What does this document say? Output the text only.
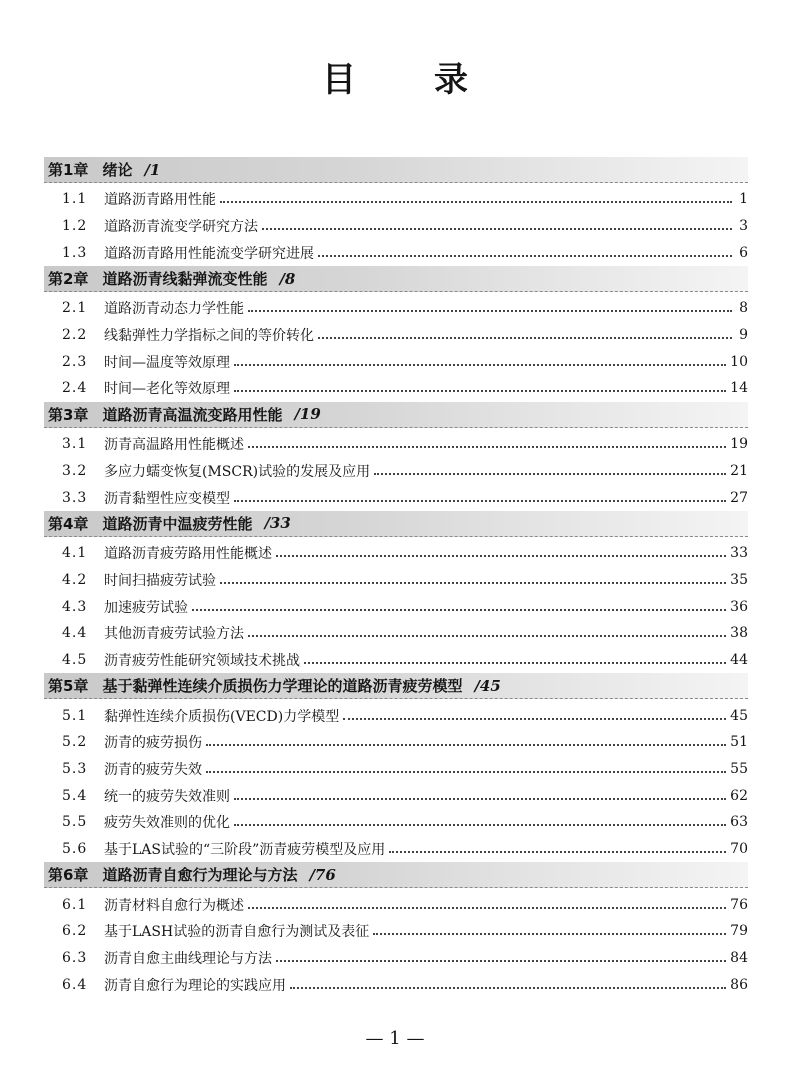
目录
第1章 绪论 /1
1.1	道路沥青路用性能	1
1.2	道路沥青流变学研究方法	3
1.3	道路沥青路用性能流变学研究进展	6
第2章 道路沥青线黏弹流变性能 /8
2.1	道路沥青动态力学性能	8
2.2	线黏弹性力学指标之间的等价转化	9
2.3	时间—温度等效原理	10
2.4	时间—老化等效原理	14
第3章 道路沥青高温流变路用性能 /19
3.1	沥青高温路用性能概述	19
3.2	多应力蠕变恢复(MSCR)试验的发展及应用	21
3.3	沥青黏塑性应变模型	27
第4章 道路沥青中温疲劳性能 /33
4.1	道路沥青疲劳路用性能概述	33
4.2	时间扫描疲劳试验	35
4.3	加速疲劳试验	36
4.4	其他沥青疲劳试验方法	38
4.5	沥青疲劳性能研究领域技术挑战	44
第5章 基于黏弹性连续介质损伤力学理论的道路沥青疲劳模型 /45
5.1	黏弹性连续介质损伤(VECD)力学模型	45
5.2	沥青的疲劳损伤	51
5.3	沥青的疲劳失效	55
5.4	统一的疲劳失效准则	62
5.5	疲劳失效准则的优化	63
5.6	基于LAS试验的“三阶段”沥青疲劳模型及应用	70
第6章 道路沥青自愈行为理论与方法 /76
6.1	沥青材料自愈行为概述	76
6.2	基于LASH试验的沥青自愈行为测试及表征	79
6.3	沥青自愈主曲线理论与方法	84
6.4	沥青自愈行为理论的实践应用	86
— 1 —
